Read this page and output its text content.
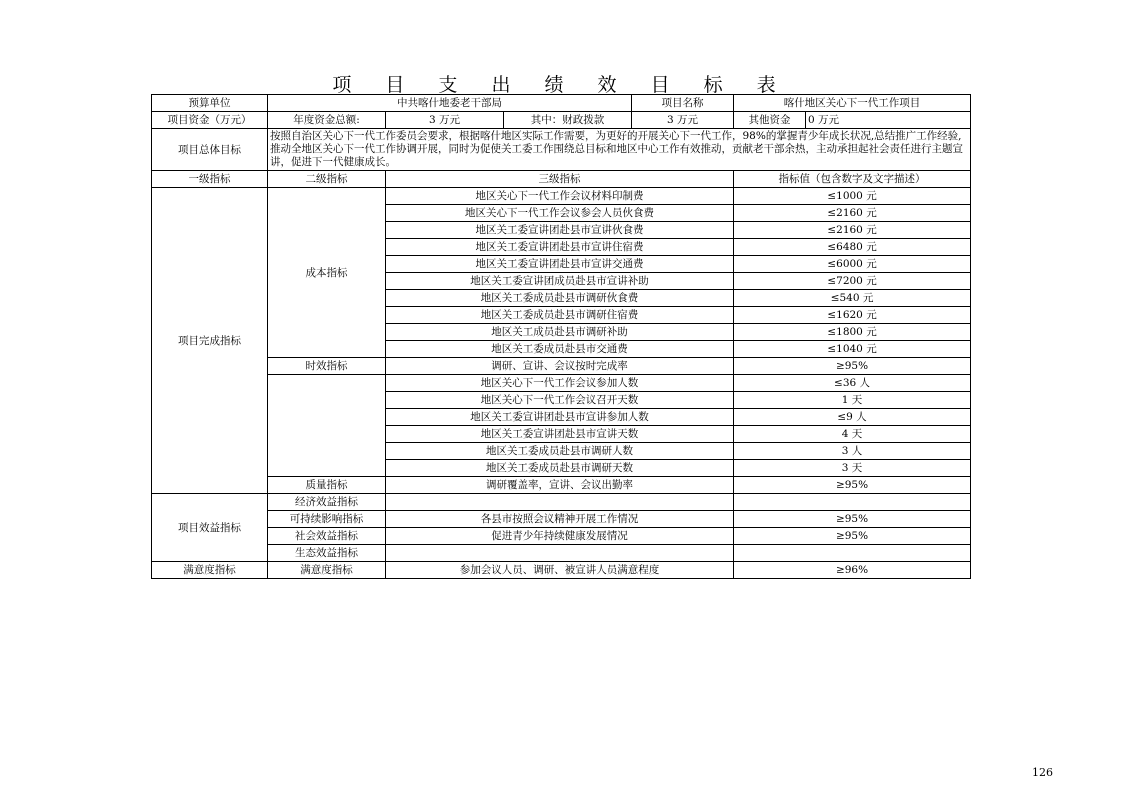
项 目 支 出 绩 效 目 标 表
预算单位	中共喀什地委老干部局			项目名称	喀什地区关心下一代工作项目	
项目资金（万元）	年度资金总额:	3 万元	其中：财政拨款	3 万元	其他资金	0 万元
项目总体目标	按照自治区关心下一代工作委员会要求，根据喀什地区实际工作需要，为更好的开展关心下一代工作，98%的掌握青少年成长状况,总结推广工作经验,推动全地区关心下一代工作协调开展，同时为促使关工委工作围绕总目标和地区中心工作有效推动，贡献老干部余热，主动承担起社会责任进行主题宣讲，促进下一代健康成长。					
一级指标	二级指标	三级指标			指标值（包含数字及文字描述）	
项目完成指标	成本指标	地区关心下一代工作会议材料印制费			≤1000 元	
		地区关心下一代工作会议参会人员伙食费			≤2160 元	
		地区关工委宣讲团赴县市宣讲伙食费			≤2160 元	
		地区关工委宣讲团赴县市宣讲住宿费			≤6480 元	
		地区关工委宣讲团赴县市宣讲交通费			≤6000 元	
		地区关工委宣讲团成员赴县市宣讲补助			≤7200 元	
		地区关工委成员赴县市调研伙食费			≤540 元	
		地区关工委成员赴县市调研住宿费			≤1620 元	
		地区关工成员赴县市调研补助			≤1800 元	
		地区关工委成员赴县市交通费			≤1040 元	
	时效指标	调研、宣讲、会议按时完成率			≥95%	
		地区关心下一代工作会议参加人数			≤36 人	
		地区关心下一代工作会议召开天数			1 天	
		地区关工委宣讲团赴县市宣讲参加人数			≤9 人	
		地区关工委宣讲团赴县市宣讲天数			4 天	
		地区关工委成员赴县市调研人数			3 人	
		地区关工委成员赴县市调研天数			3 天	
	质量指标	调研覆盖率，宣讲、会议出勤率			≥95%	
项目效益指标	经济效益指标					
	可持续影响指标	各县市按照会议精神开展工作情况			≥95%	
	社会效益指标	促进青少年持续健康发展情况			≥95%	
	生态效益指标					
满意度指标	满意度指标	参加会议人员、调研、被宣讲人员满意程度			≥96%	
126
